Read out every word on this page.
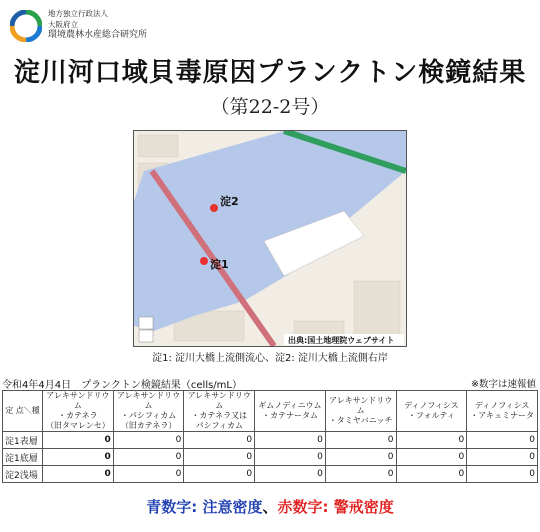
地方独立行政法人
大阪府立
環境農林水産総合研究所
淀川河口域貝毒原因プランクトン検鏡結果
（第22-2号）
淀2
淀1
出典:国土地理院ウェブサイト
淀1: 淀川大橋上流側流心、淀2: 淀川大橋上流側右岸
令和4年4月4日　プランクトン検鏡結果（cells/mL）	※数字は速報値
定 点＼種	アレキサンドリウム
・カテネラ
（旧タマレンセ）	アレキサンドリウム
・パシフィカム
（旧カテネラ）	アレキサンドリウム
・カテネラ又は
パシフィカム	ギムノディニウム
・カテナータム	アレキサンドリウム
・タミヤバニッチ	ディノフィシス
・フォルティ	ディノフィシス
・アキュミナータ
淀1表層	0	0	0	0	0	0	0
淀1底層	0	0	0	0	0	0	0
淀2浅場	0	0	0	0	0	0	0
青数字: 注意密度、赤数字: 警戒密度
